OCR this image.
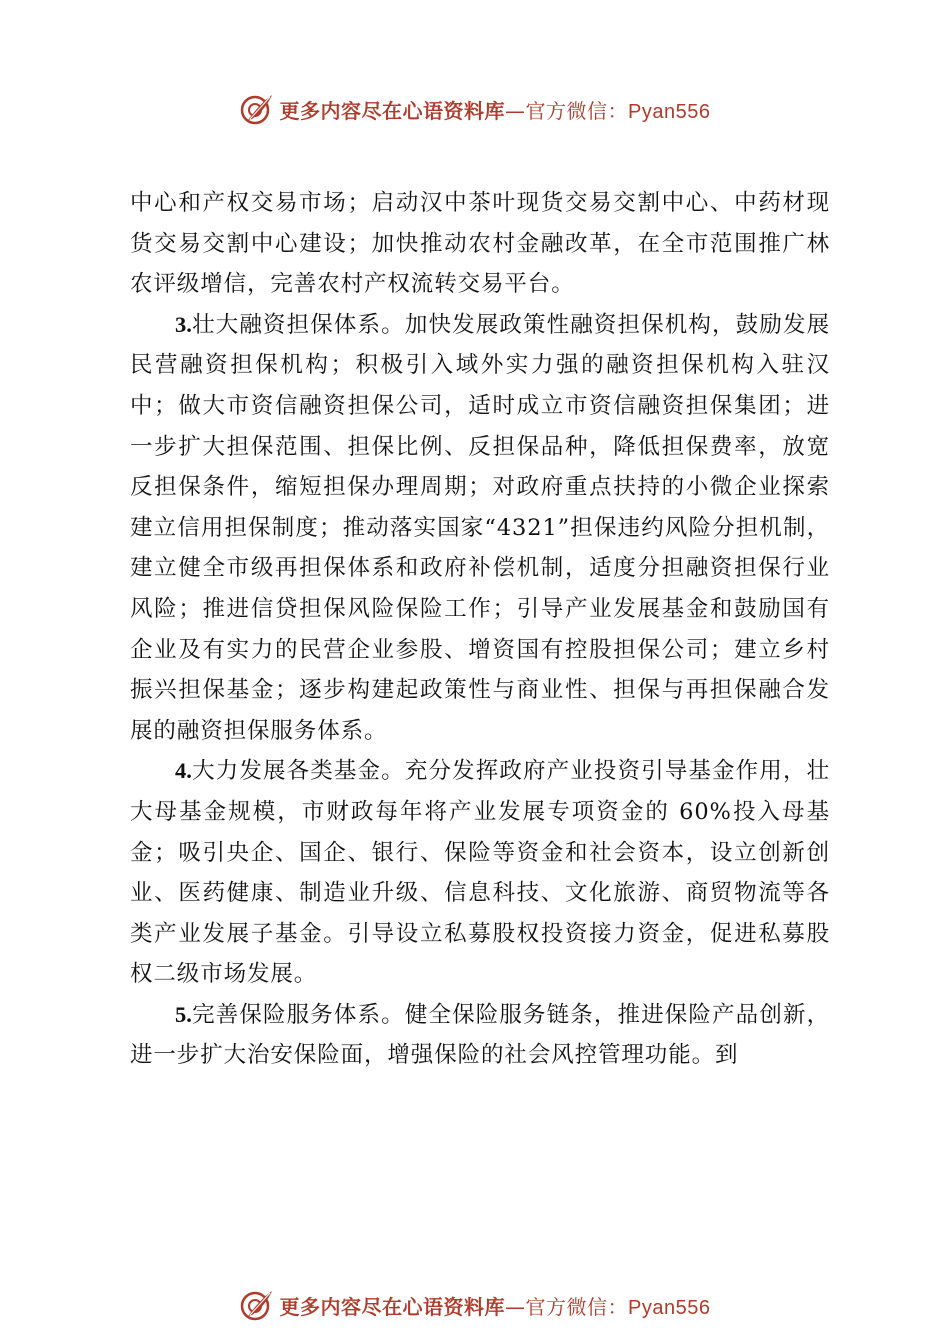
更多内容尽在心语资料库—官方微信：Pyan556

中心和产权交易市场；启动汉中茶叶现货交易交割中心、中药材现货交易交割中心建设；加快推动农村金融改革，在全市范围推广林农评级增信，完善农村产权流转交易平台。

3.壮大融资担保体系。加快发展政策性融资担保机构，鼓励发展民营融资担保机构；积极引入域外实力强的融资担保机构入驻汉中；做大市资信融资担保公司，适时成立市资信融资担保集团；进一步扩大担保范围、担保比例、反担保品种，降低担保费率，放宽反担保条件，缩短担保办理周期；对政府重点扶持的小微企业探索建立信用担保制度；推动落实国家“4321”担保违约风险分担机制，建立健全市级再担保体系和政府补偿机制，适度分担融资担保行业风险；推进信贷担保风险保险工作；引导产业发展基金和鼓励国有企业及有实力的民营企业参股、增资国有控股担保公司；建立乡村振兴担保基金；逐步构建起政策性与商业性、担保与再担保融合发展的融资担保服务体系。

4.大力发展各类基金。充分发挥政府产业投资引导基金作用，壮大母基金规模，市财政每年将产业发展专项资金的 60%投入母基金；吸引央企、国企、银行、保险等资金和社会资本，设立创新创业、医药健康、制造业升级、信息科技、文化旅游、商贸物流等各类产业发展子基金。引导设立私募股权投资接力资金，促进私募股权二级市场发展。

5.完善保险服务体系。健全保险服务链条，推进保险产品创新，进一步扩大治安保险面，增强保险的社会风控管理功能。到

更多内容尽在心语资料库—官方微信：Pyan556
